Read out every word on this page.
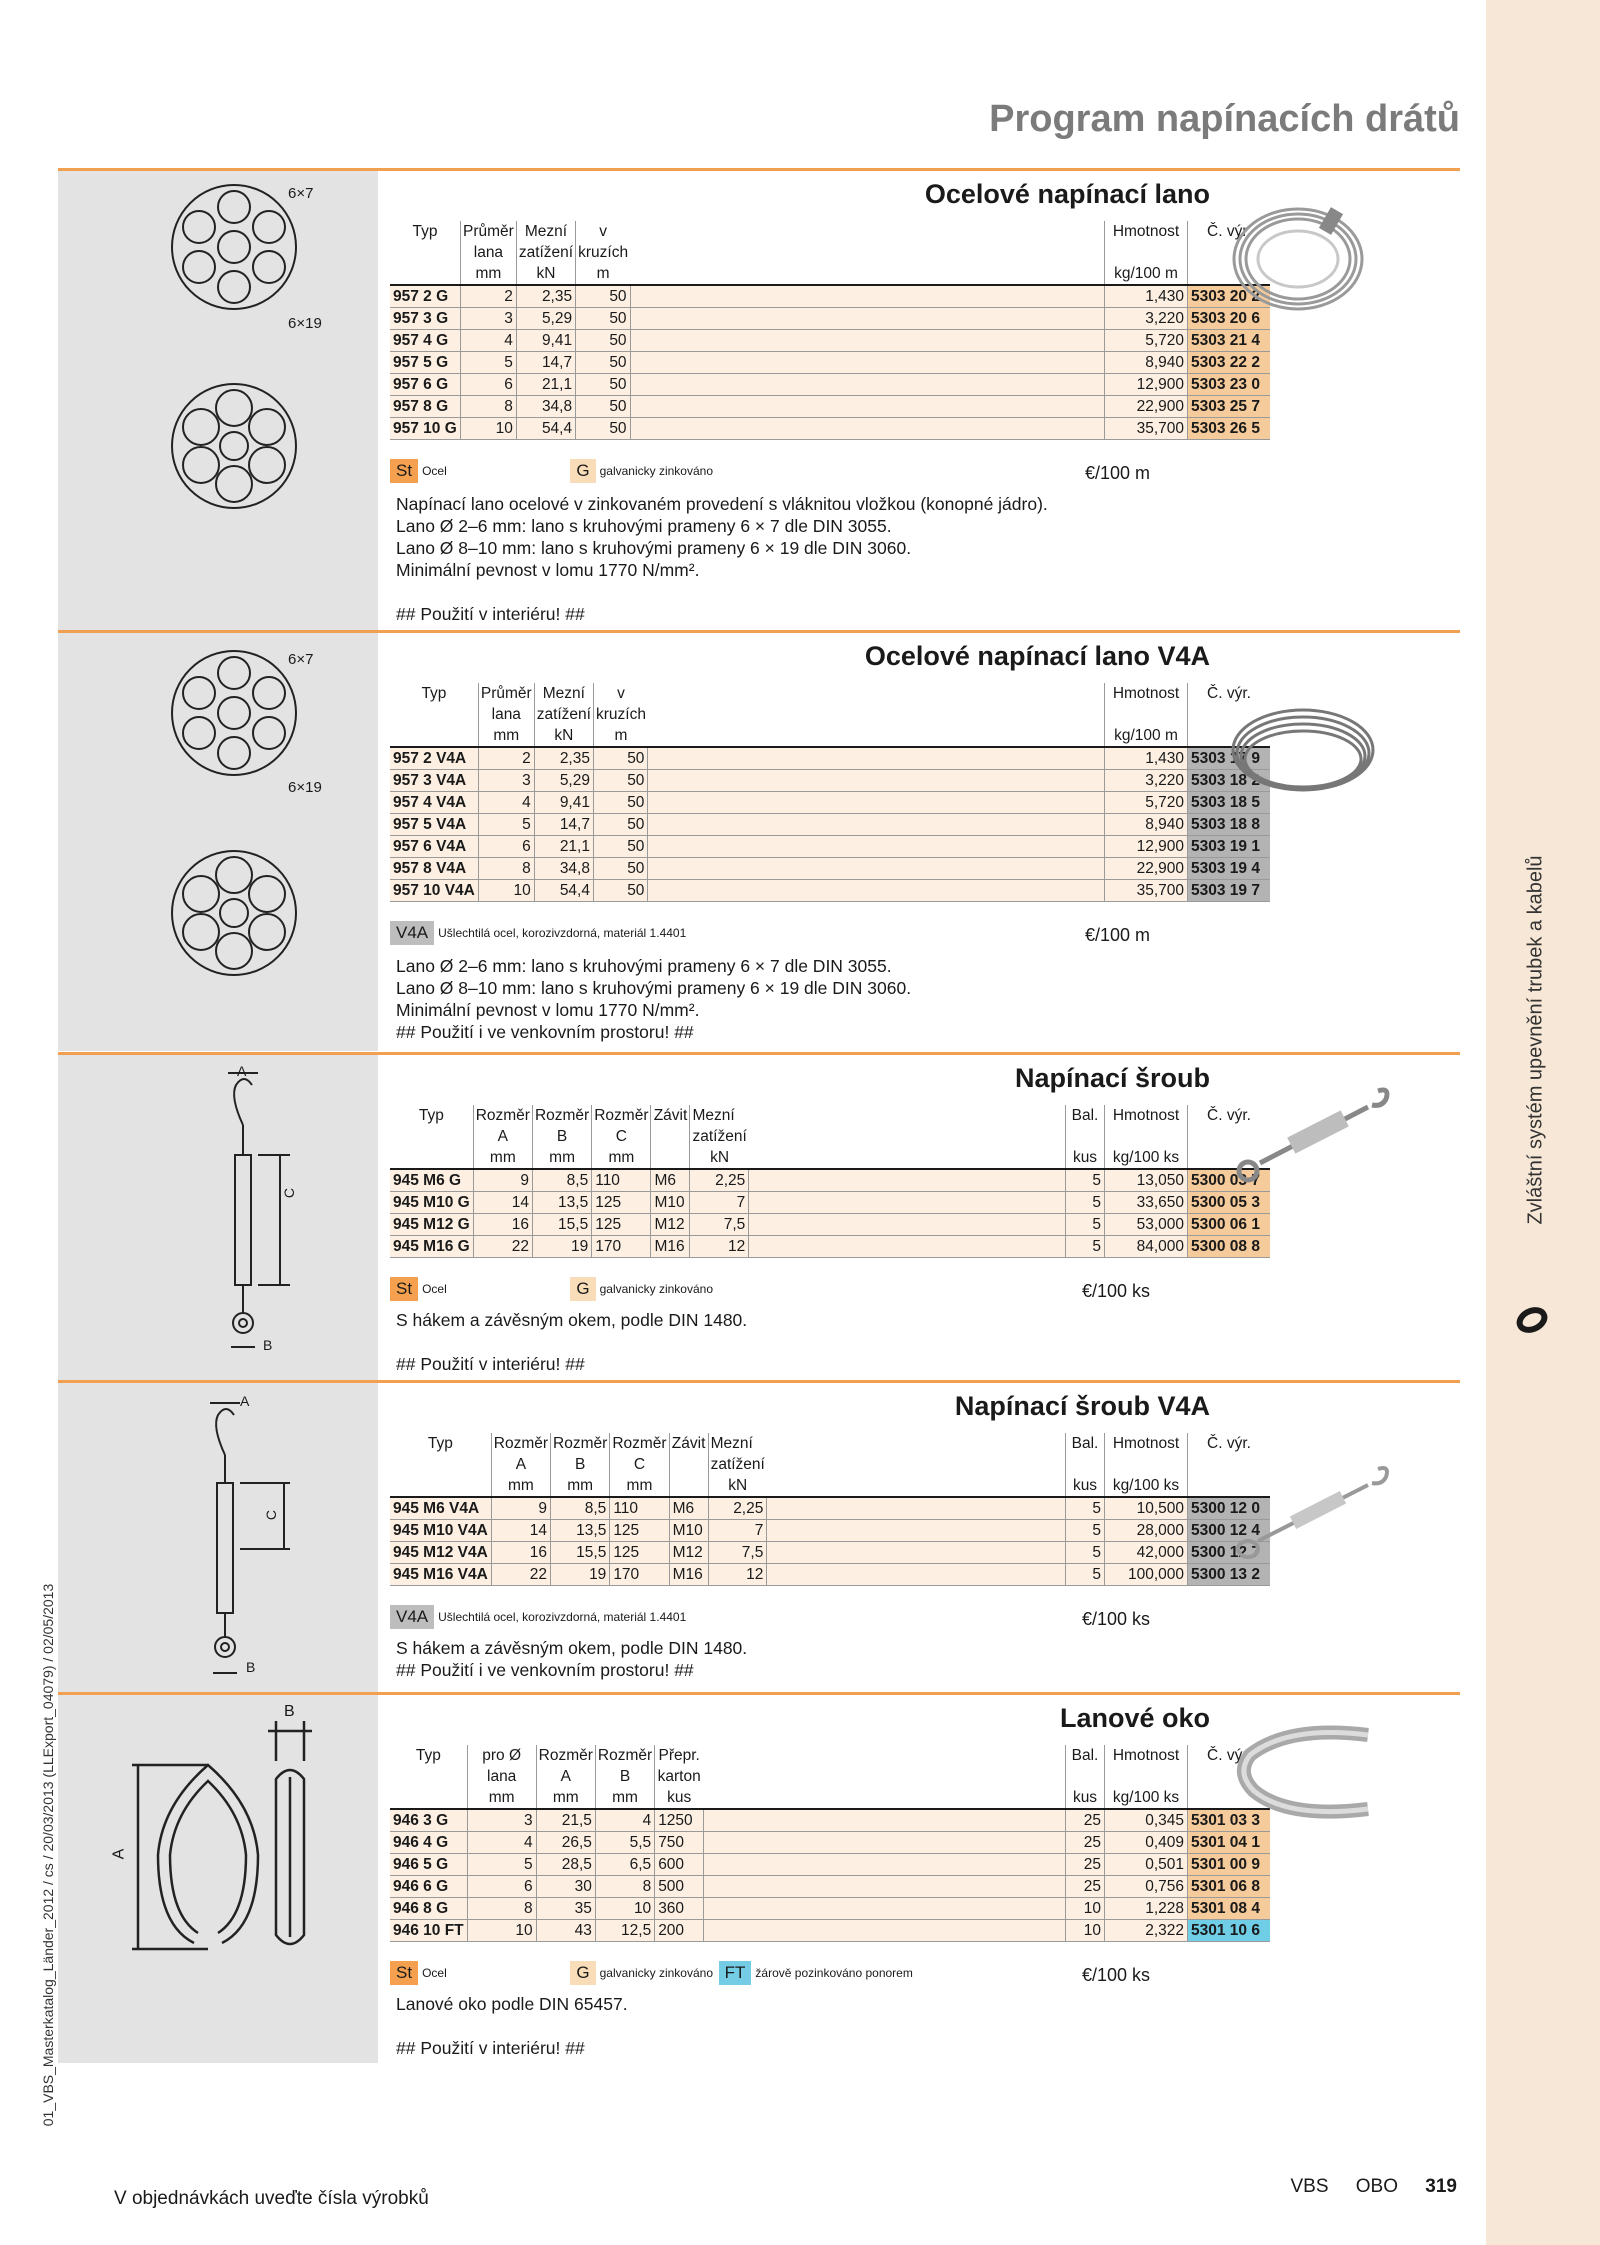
Zvláštní systém upevnění trubek a kabelů
01_VBS_Masterkatalog_Länder_2012 / cs / 20/03/2013 (LLExport_04079) / 02/05/2013
Program napínacích drátů
6×7
6×19
Ocelové napínací lano
Typ	Průměr lana	Mezní zatížení	v kruzích		Hmotnost	Č. výr.
	mm	kN	m		kg/100 m	
957 2 G	2	2,35	50		1,430	5303 20 2
957 3 G	3	5,29	50		3,220	5303 20 6
957 4 G	4	9,41	50		5,720	5303 21 4
957 5 G	5	14,7	50		8,940	5303 22 2
957 6 G	6	21,1	50		12,900	5303 23 0
957 8 G	8	34,8	50		22,900	5303 25 7
957 10 G	10	54,4	50		35,700	5303 26 5
St Ocel	G galvanicky zinkováno	€/100 m
Napínací lano ocelové v zinkovaném provedení s vláknitou vložkou (konopné jádro).
Lano Ø 2–6 mm: lano s kruhovými prameny 6 × 7 dle DIN 3055.
Lano Ø 8–10 mm: lano s kruhovými prameny 6 × 19 dle DIN 3060.
Minimální pevnost v lomu 1770 N/mm².

## Použití v interiéru! ##
6×7
6×19
Ocelové napínací lano V4A
Typ	Průměr lana	Mezní zatížení	v kruzích		Hmotnost	Č. výr.
	mm	kN	m		kg/100 m	
957 2 V4A	2	2,35	50		1,430	5303 17 9
957 3 V4A	3	5,29	50		3,220	5303 18 2
957 4 V4A	4	9,41	50		5,720	5303 18 5
957 5 V4A	5	14,7	50		8,940	5303 18 8
957 6 V4A	6	21,1	50		12,900	5303 19 1
957 8 V4A	8	34,8	50		22,900	5303 19 4
957 10 V4A	10	54,4	50		35,700	5303 19 7
V4A Ušlechtilá ocel, korozivzdorná, materiál 1.4401	€/100 m
Lano Ø 2–6 mm: lano s kruhovými prameny 6 × 7 dle DIN 3055.
Lano Ø 8–10 mm: lano s kruhovými prameny 6 × 19 dle DIN 3060.
Minimální pevnost v lomu 1770 N/mm².
## Použití i ve venkovním prostoru! ##
A
B
C
Napínací šroub
Typ	Rozměr A	Rozměr B	Rozměr C	Závit	Mezní zatížení		Bal.	Hmotnost	Č. výr.
	mm	mm	mm		kN		kus	kg/100 ks	
945 M6 G	9	8,5	110	M6	2,25		5	13,050	5300 03 7
945 M10 G	14	13,5	125	M10	7		5	33,650	5300 05 3
945 M12 G	16	15,5	125	M12	7,5		5	53,000	5300 06 1
945 M16 G	22	19	170	M16	12		5	84,000	5300 08 8
St Ocel	G galvanicky zinkováno	€/100 ks
S hákem a závěsným okem, podle DIN 1480.

## Použití v interiéru! ##
A
B
C
Napínací šroub V4A
Typ	Rozměr A	Rozměr B	Rozměr C	Závit	Mezní zatížení		Bal.	Hmotnost	Č. výr.
	mm	mm	mm		kN		kus	kg/100 ks	
945 M6 V4A	9	8,5	110	M6	2,25		5	10,500	5300 12 0
945 M10 V4A	14	13,5	125	M10	7		5	28,000	5300 12 4
945 M12 V4A	16	15,5	125	M12	7,5		5	42,000	5300 12 7
945 M16 V4A	22	19	170	M16	12		5	100,000	5300 13 2
V4A Ušlechtilá ocel, korozivzdorná, materiál 1.4401	€/100 ks
S hákem a závěsným okem, podle DIN 1480.
## Použití i ve venkovním prostoru! ##
A
B	Lanové oko
Typ	pro Ø lana	Rozměr A	Rozměr B	Přepr. karton		Bal.	Hmotnost	Č. výr.
	mm	mm	mm	kus		kus	kg/100 ks	
946 3 G	3	21,5	4	1250		25	0,345	5301 03 3
946 4 G	4	26,5	5,5	750		25	0,409	5301 04 1
946 5 G	5	28,5	6,5	600		25	0,501	5301 00 9
946 6 G	6	30	8	500		25	0,756	5301 06 8
946 8 G	8	35	10	360		10	1,228	5301 08 4
946 10 FT	10	43	12,5	200		10	2,322	5301 10 6
St Ocel	G galvanicky zinkováno FT žárově pozinkováno ponorem	€/100 ks
Lanové oko podle DIN 65457.

## Použití v interiéru! ##
V objednávkách uveďte čísla výrobků
VBS OBO 319
